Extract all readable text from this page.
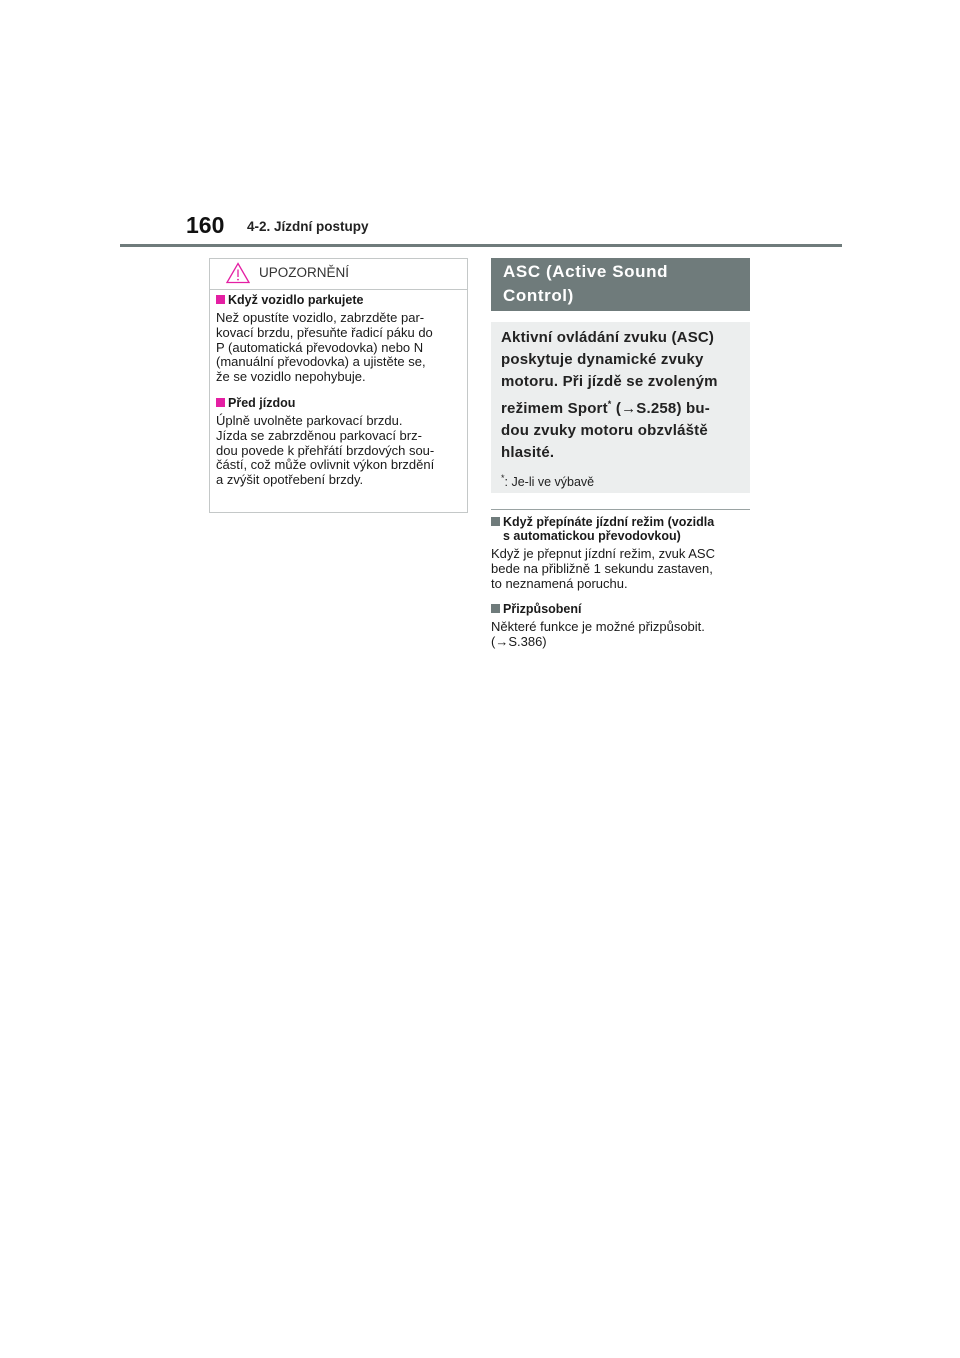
160 4-2. Jízdní postupy
UPOZORNĚNÍ
Když vozidlo parkujete

Než opustíte vozidlo, zabrzděte par-
kovací brzdu, přesuňte řadicí páku do
P (automatická převodovka) nebo N
(manuální převodovka) a ujistěte se,
že se vozidlo nepohybuje.

Před jízdou

Úplně uvolněte parkovací brzdu.
Jízda se zabrzděnou parkovací brz-
dou povede k přehřátí brzdových sou-
částí, což může ovlivnit výkon brzdění
a zvýšit opotřebení brzdy.

ASC (Active Sound
Control)
Aktivní ovládání zvuku (ASC)
poskytuje dynamické zvuky
motoru. Při jízdě se zvoleným
režimem Sport* (→S.258) bu-
dou zvuky motoru obzvláště
hlasité.
*: Je-li ve výbavě
Když přepínáte jízdní režim (vozidla
s automatickou převodovkou)

Když je přepnut jízdní režim, zvuk ASC
bede na přibližně 1 sekundu zastaven,
to neznamená poruchu.

Přizpůsobení

Některé funkce je možné přizpůsobit.
(→S.386)
